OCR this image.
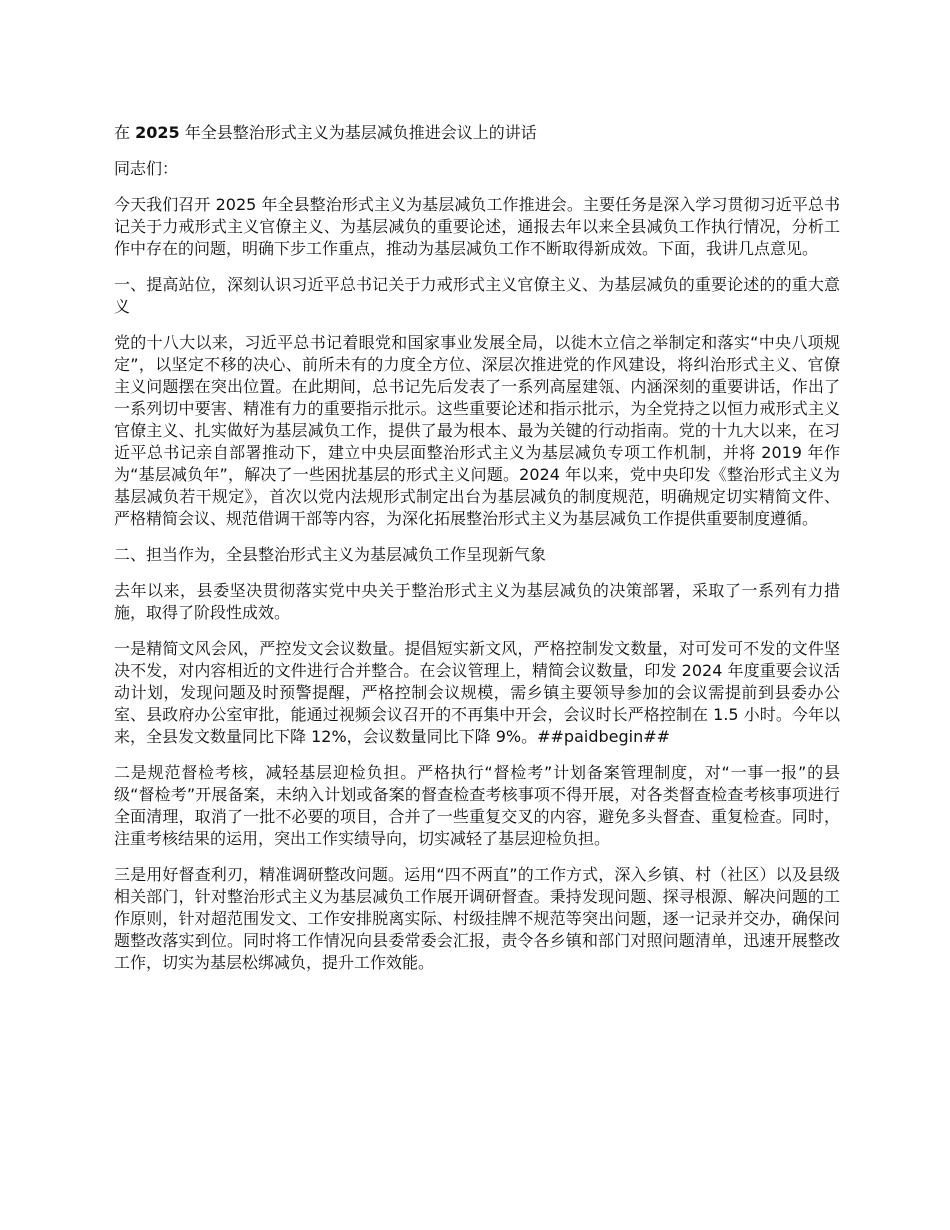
在 2025 年全县整治形式主义为基层减负推进会议上的讲话

同志们：

今天我们召开 2025 年全县整治形式主义为基层减负工作推进会。主要任务是深入学习贯彻习近平总书记关于力戒形式主义官僚主义、为基层减负的重要论述，通报去年以来全县减负工作执行情况，分析工作中存在的问题，明确下步工作重点，推动为基层减负工作不断取得新成效。下面，我讲几点意见。

一、提高站位，深刻认识习近平总书记关于力戒形式主义官僚主义、为基层减负的重要论述的的重大意义

党的十八大以来，习近平总书记着眼党和国家事业发展全局，以徙木立信之举制定和落实“中央八项规定”，以坚定不移的决心、前所未有的力度全方位、深层次推进党的作风建设，将纠治形式主义、官僚主义问题摆在突出位置。在此期间，总书记先后发表了一系列高屋建瓴、内涵深刻的重要讲话，作出了一系列切中要害、精准有力的重要指示批示。这些重要论述和指示批示，为全党持之以恒力戒形式主义官僚主义、扎实做好为基层减负工作，提供了最为根本、最为关键的行动指南。党的十九大以来，在习近平总书记亲自部署推动下，建立中央层面整治形式主义为基层减负专项工作机制，并将 2019 年作为“基层减负年”，解决了一些困扰基层的形式主义问题。2024 年以来，党中央印发《整治形式主义为基层减负若干规定》，首次以党内法规形式制定出台为基层减负的制度规范，明确规定切实精简文件、严格精简会议、规范借调干部等内容，为深化拓展整治形式主义为基层减负工作提供重要制度遵循。

二、担当作为，全县整治形式主义为基层减负工作呈现新气象

去年以来，县委坚决贯彻落实党中央关于整治形式主义为基层减负的决策部署，采取了一系列有力措施，取得了阶段性成效。

一是精简文风会风，严控发文会议数量。提倡短实新文风，严格控制发文数量，对可发可不发的文件坚决不发，对内容相近的文件进行合并整合。在会议管理上，精简会议数量，印发 2024 年度重要会议活动计划，发现问题及时预警提醒，严格控制会议规模，需乡镇主要领导参加的会议需提前到县委办公室、县政府办公室审批，能通过视频会议召开的不再集中开会，会议时长严格控制在 1.5 小时。今年以来，全县发文数量同比下降 12%，会议数量同比下降 9%。##paidbegin##

二是规范督检考核，减轻基层迎检负担。严格执行“督检考”计划备案管理制度，对“一事一报”的县级“督检考”开展备案，未纳入计划或备案的督查检查考核事项不得开展，对各类督查检查考核事项进行全面清理，取消了一批不必要的项目，合并了一些重复交叉的内容，避免多头督查、重复检查。同时，注重考核结果的运用，突出工作实绩导向，切实减轻了基层迎检负担。

三是用好督查利刃，精准调研整改问题。运用“四不两直”的工作方式，深入乡镇、村（社区）以及县级相关部门，针对整治形式主义为基层减负工作展开调研督查。秉持发现问题、探寻根源、解决问题的工作原则，针对超范围发文、工作安排脱离实际、村级挂牌不规范等突出问题，逐一记录并交办，确保问题整改落实到位。同时将工作情况向县委常委会汇报，责令各乡镇和部门对照问题清单，迅速开展整改工作，切实为基层松绑减负，提升工作效能。
